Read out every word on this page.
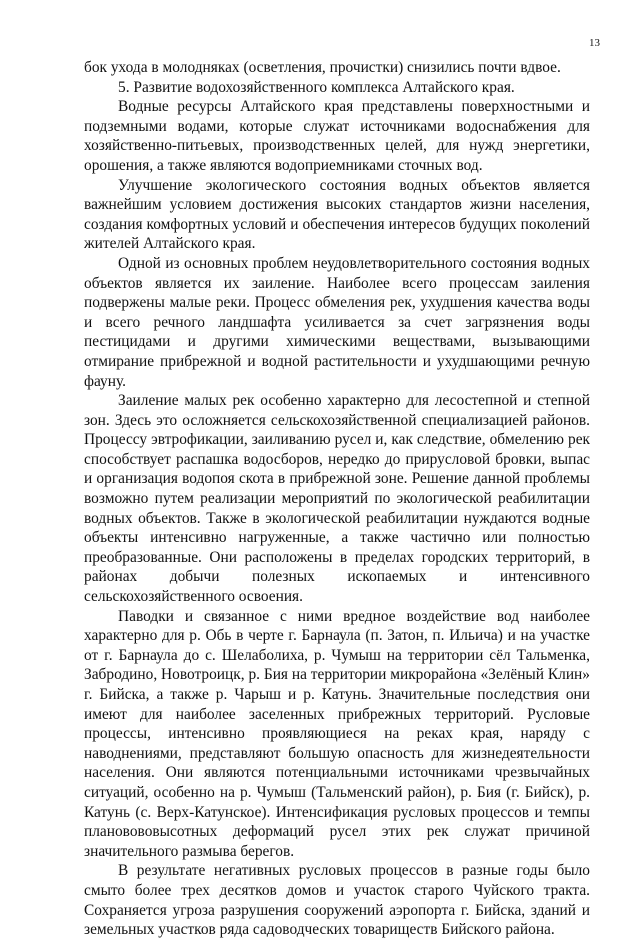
13

бок ухода в молодняках (осветления, прочистки) снизились почти вдвое.

5. Развитие водохозяйственного комплекса Алтайского края.

Водные ресурсы Алтайского края представлены поверхностными и подземными водами, которые служат источниками водоснабжения для хозяйственно-питьевых, производственных целей, для нужд энергетики, орошения, а также являются водоприемниками сточных вод.

Улучшение экологического состояния водных объектов является важнейшим условием достижения высоких стандартов жизни населения, создания комфортных условий и обеспечения интересов будущих поколений жителей Алтайского края.

Одной из основных проблем неудовлетворительного состояния водных объектов является их заиление. Наиболее всего процессам заиления подвержены малые реки. Процесс обмеления рек, ухудшения качества воды и всего речного ландшафта усиливается за счет загрязнения воды пестицидами и другими химическими веществами, вызывающими отмирание прибрежной и водной растительности и ухудшающими речную фауну.

Заиление малых рек особенно характерно для лесостепной и степной зон. Здесь это осложняется сельскохозяйственной специализацией районов. Процессу эвтрофикации, заиливанию русел и, как следствие, обмелению рек способствует распашка водосборов, нередко до прирусловой бровки, выпас и организация водопоя скота в прибрежной зоне. Решение данной проблемы возможно путем реализации мероприятий по экологической реабилитации водных объектов. Также в экологической реабилитации нуждаются водные объекты интенсивно нагруженные, а также частично или полностью преобразованные. Они расположены в пределах городских территорий, в районах добычи полезных ископаемых и интенсивного сельскохозяйственного освоения.

Паводки и связанное с ними вредное воздействие вод наиболее характерно для р. Обь в черте г. Барнаула (п. Затон, п. Ильича) и на участке от г. Барнаула до с. Шелаболиха, р. Чумыш на территории сёл Тальменка, Забродино, Новотроицк, р. Бия на территории микрорайона «Зелёный Клин» г. Бийска, а также р. Чарыш и р. Катунь. Значительные последствия они имеют для наиболее заселенных прибрежных территорий. Русловые процессы, интенсивно проявляющиеся на реках края, наряду с наводнениями, представляют большую опасность для жизнедеятельности населения. Они являются потенциальными источниками чрезвычайных ситуаций, особенно на р. Чумыш (Тальменский район), р. Бия (г. Бийск), р. Катунь (с. Верх-Катунское). Интенсификация русловых процессов и темпы плановововысотных деформаций русел этих рек служат причиной значительного размыва берегов.

В результате негативных русловых процессов в разные годы было смыто более трех десятков домов и участок старого Чуйского тракта. Сохраняется угроза разрушения сооружений аэропорта г. Бийска, зданий и земельных участков ряда садоводческих товариществ Бийского района.
